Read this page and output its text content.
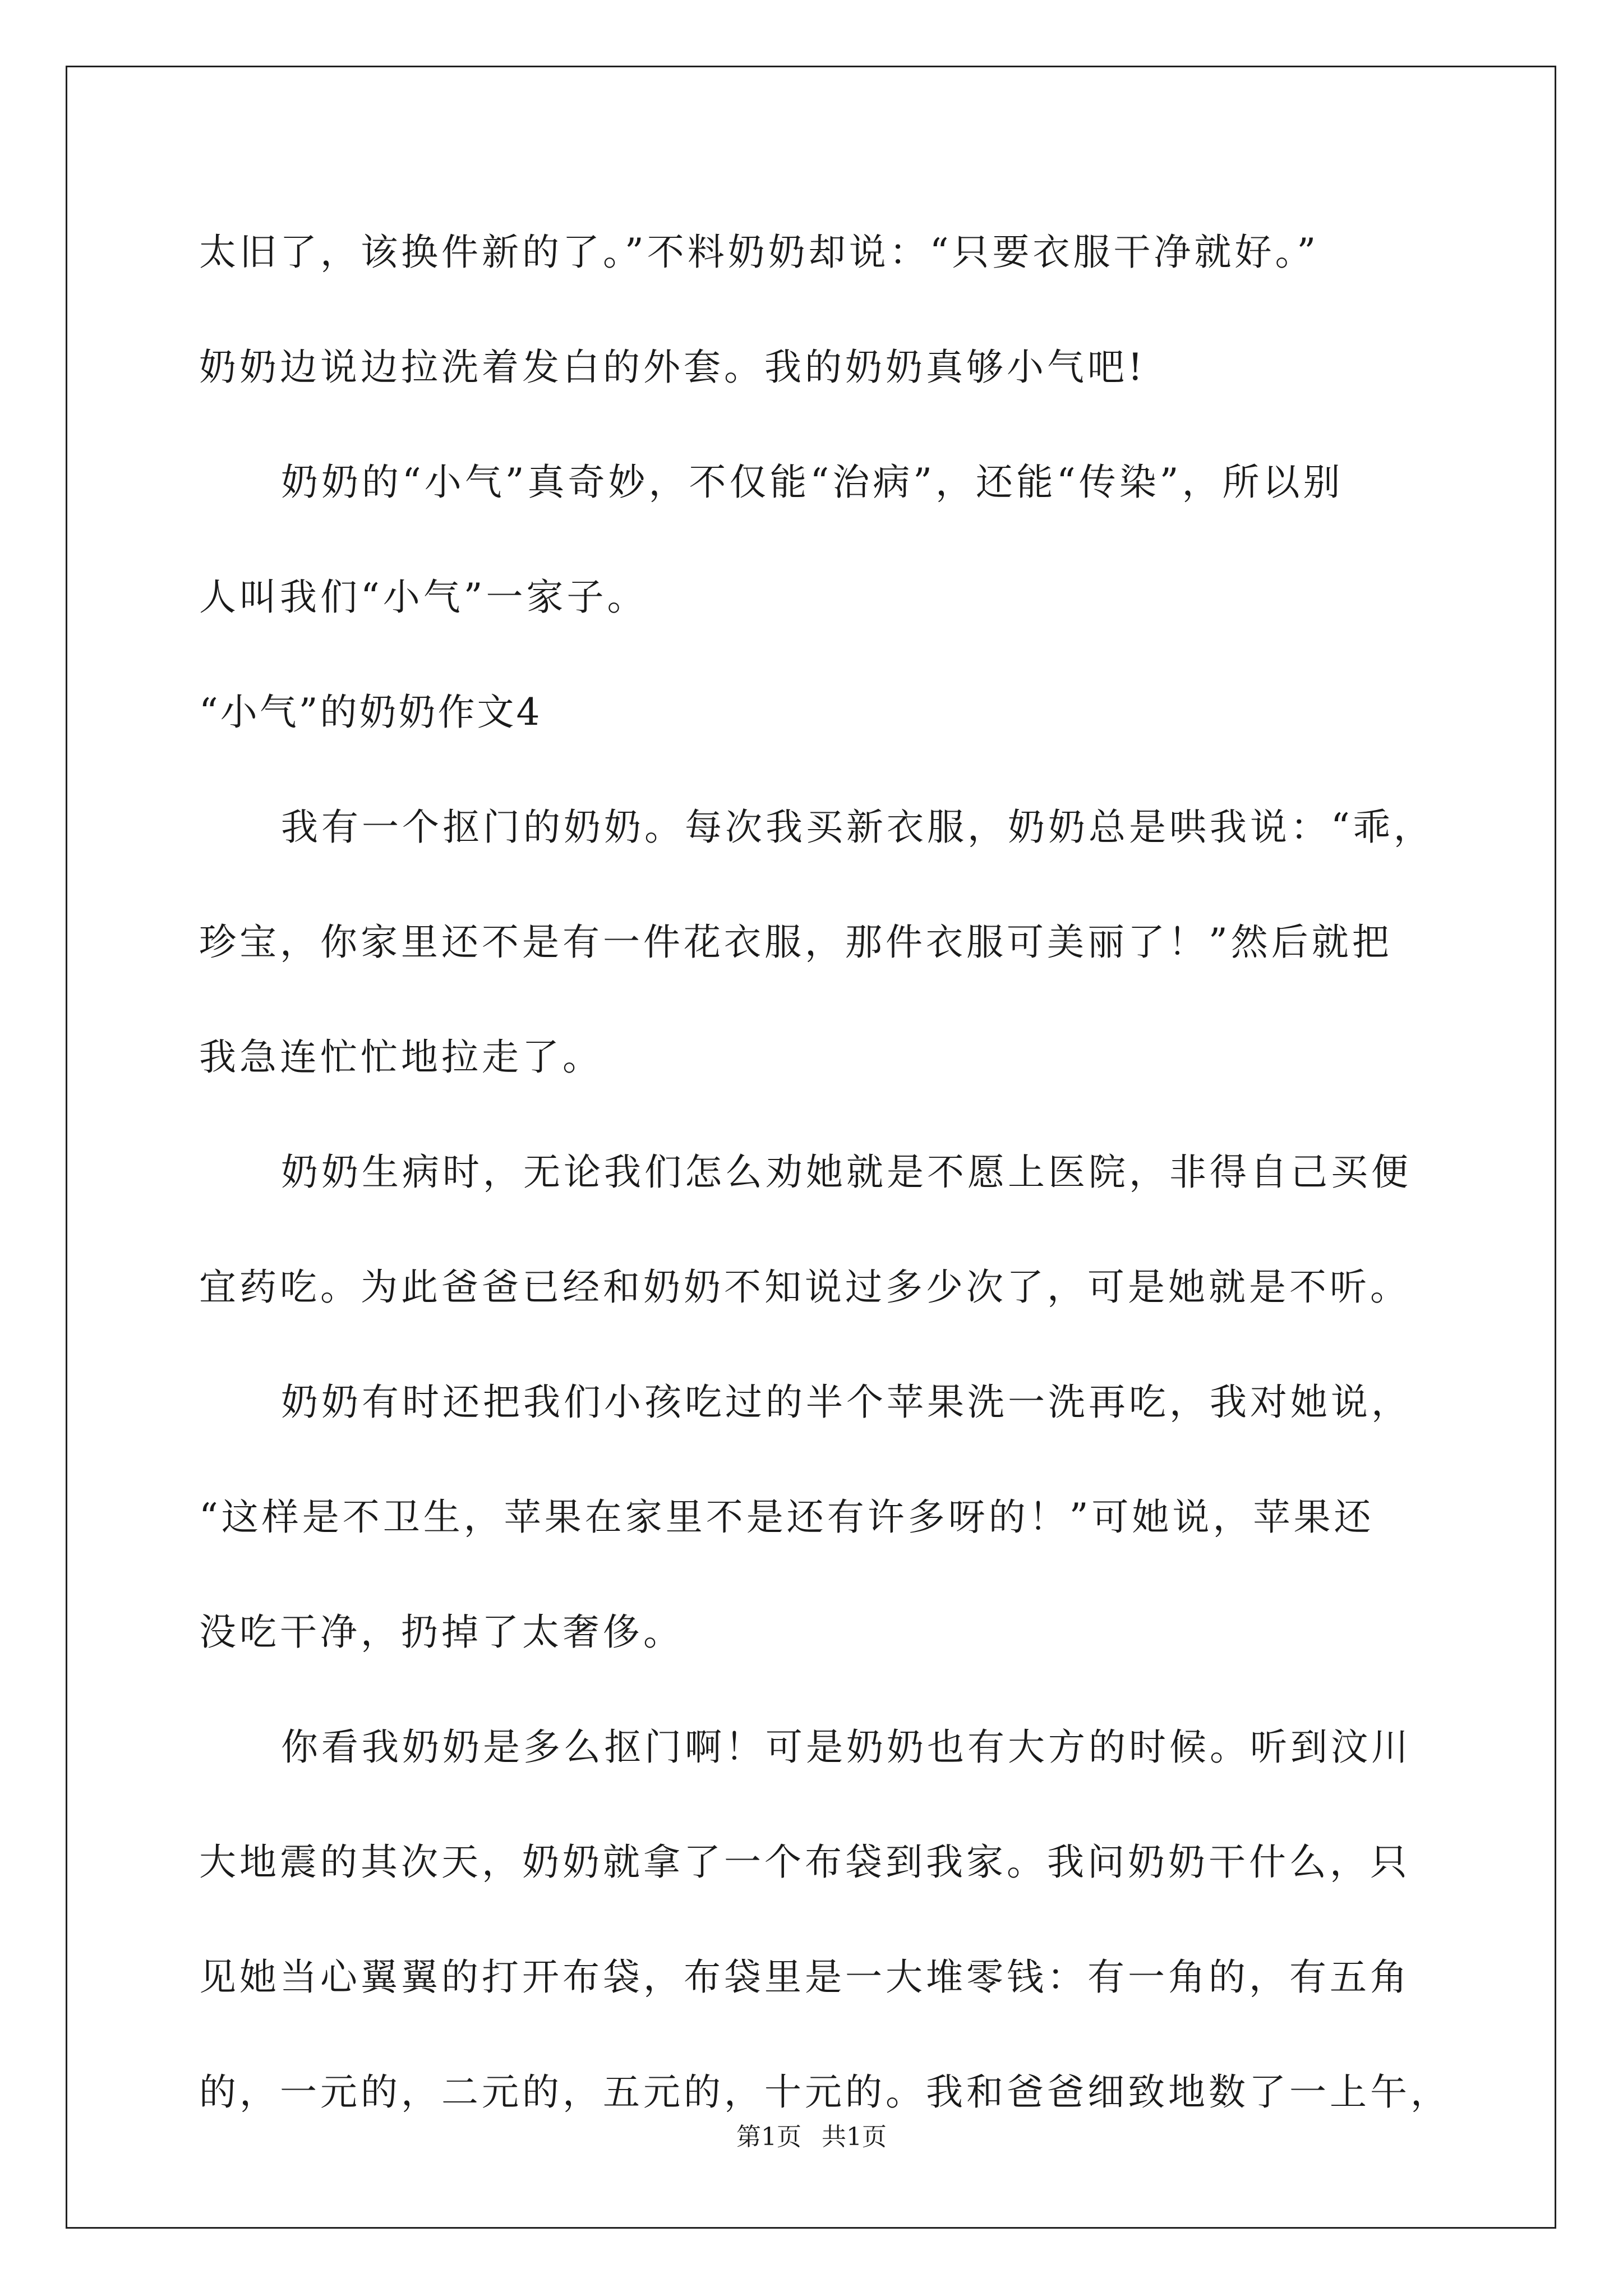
太旧了，该换件新的了。”不料奶奶却说：“只要衣服干净就好。”
奶奶边说边拉洗着发白的外套。我的奶奶真够小气吧!
奶奶的“小气”真奇妙，不仅能“治病”，还能“传染”，所以别
人叫我们“小气”一家子。
“小气”的奶奶作文4
我有一个抠门的奶奶。每次我买新衣服，奶奶总是哄我说：“乖，
珍宝，你家里还不是有一件花衣服，那件衣服可美丽了！”然后就把
我急连忙忙地拉走了。
奶奶生病时，无论我们怎么劝她就是不愿上医院，非得自己买便
宜药吃。为此爸爸已经和奶奶不知说过多少次了，可是她就是不听。
奶奶有时还把我们小孩吃过的半个苹果洗一洗再吃，我对她说，
“这样是不卫生，苹果在家里不是还有许多呀的！”可她说，苹果还
没吃干净，扔掉了太奢侈。
你看我奶奶是多么抠门啊！可是奶奶也有大方的时候。听到汶川
大地震的其次天，奶奶就拿了一个布袋到我家。我问奶奶干什么，只
见她当心翼翼的打开布袋，布袋里是一大堆零钱：有一角的，有五角
的，一元的，二元的，五元的，十元的。我和爸爸细致地数了一上午，
第1页 共1页
